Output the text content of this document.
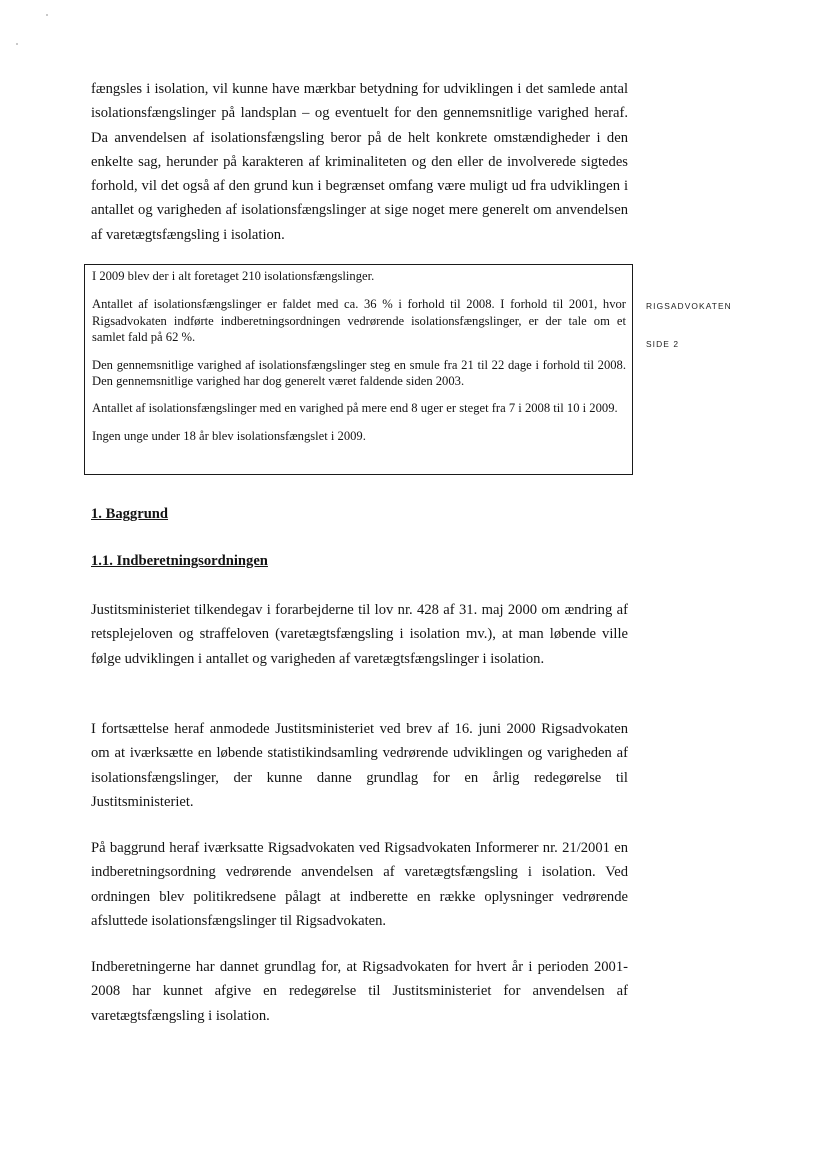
fængsles i isolation, vil kunne have mærkbar betydning for udviklingen i det samlede antal isolationsfængslinger på landsplan – og eventuelt for den gennemsnitlige varighed heraf. Da anvendelsen af isolationsfængsling beror på de helt konkrete omstændigheder i den enkelte sag, herunder på karakteren af kriminaliteten og den eller de involverede sigtedes forhold, vil det også af den grund kun i begrænset omfang være muligt ud fra udviklingen i antallet og varigheden af isolationsfængslinger at sige noget mere generelt om anvendelsen af varetægtsfængsling i isolation.

I 2009 blev der i alt foretaget 210 isolationsfængslinger.

Antallet af isolationsfængslinger er faldet med ca. 36 % i forhold til 2008. I forhold til 2001, hvor Rigsadvokaten indførte indberetningsordningen vedrørende isolationsfængslinger, er der tale om et samlet fald på 62 %.

Den gennemsnitlige varighed af isolationsfængslinger steg en smule fra 21 til 22 dage i forhold til 2008. Den gennemsnitlige varighed har dog generelt været faldende siden 2003.

Antallet af isolationsfængslinger med en varighed på mere end 8 uger er steget fra 7 i 2008 til 10 i 2009.

Ingen unge under 18 år blev isolationsfængslet i 2009.

RIGSADVOKATEN
SIDE 2
1. Baggrund
1.1. Indberetningsordningen

Justitsministeriet tilkendegav i forarbejderne til lov nr. 428 af 31. maj 2000 om ændring af retsplejeloven og straffeloven (varetægtsfængsling i isolation mv.), at man løbende ville følge udviklingen i antallet og varigheden af varetægtsfængslinger i isolation.

I fortsættelse heraf anmodede Justitsministeriet ved brev af 16. juni 2000 Rigsadvokaten om at iværksætte en løbende statistikindsamling vedrørende udviklingen og varigheden af isolationsfængslinger, der kunne danne grundlag for en årlig redegørelse til Justitsministeriet.

På baggrund heraf iværksatte Rigsadvokaten ved Rigsadvokaten Informerer nr. 21/2001 en indberetningsordning vedrørende anvendelsen af varetægtsfængsling i isolation. Ved ordningen blev politikredsene pålagt at indberette en række oplysninger vedrørende afsluttede isolationsfængslinger til Rigsadvokaten.

Indberetningerne har dannet grundlag for, at Rigsadvokaten for hvert år i perioden 2001-2008 har kunnet afgive en redegørelse til Justitsministeriet for anvendelsen af varetægtsfængsling i isolation.
